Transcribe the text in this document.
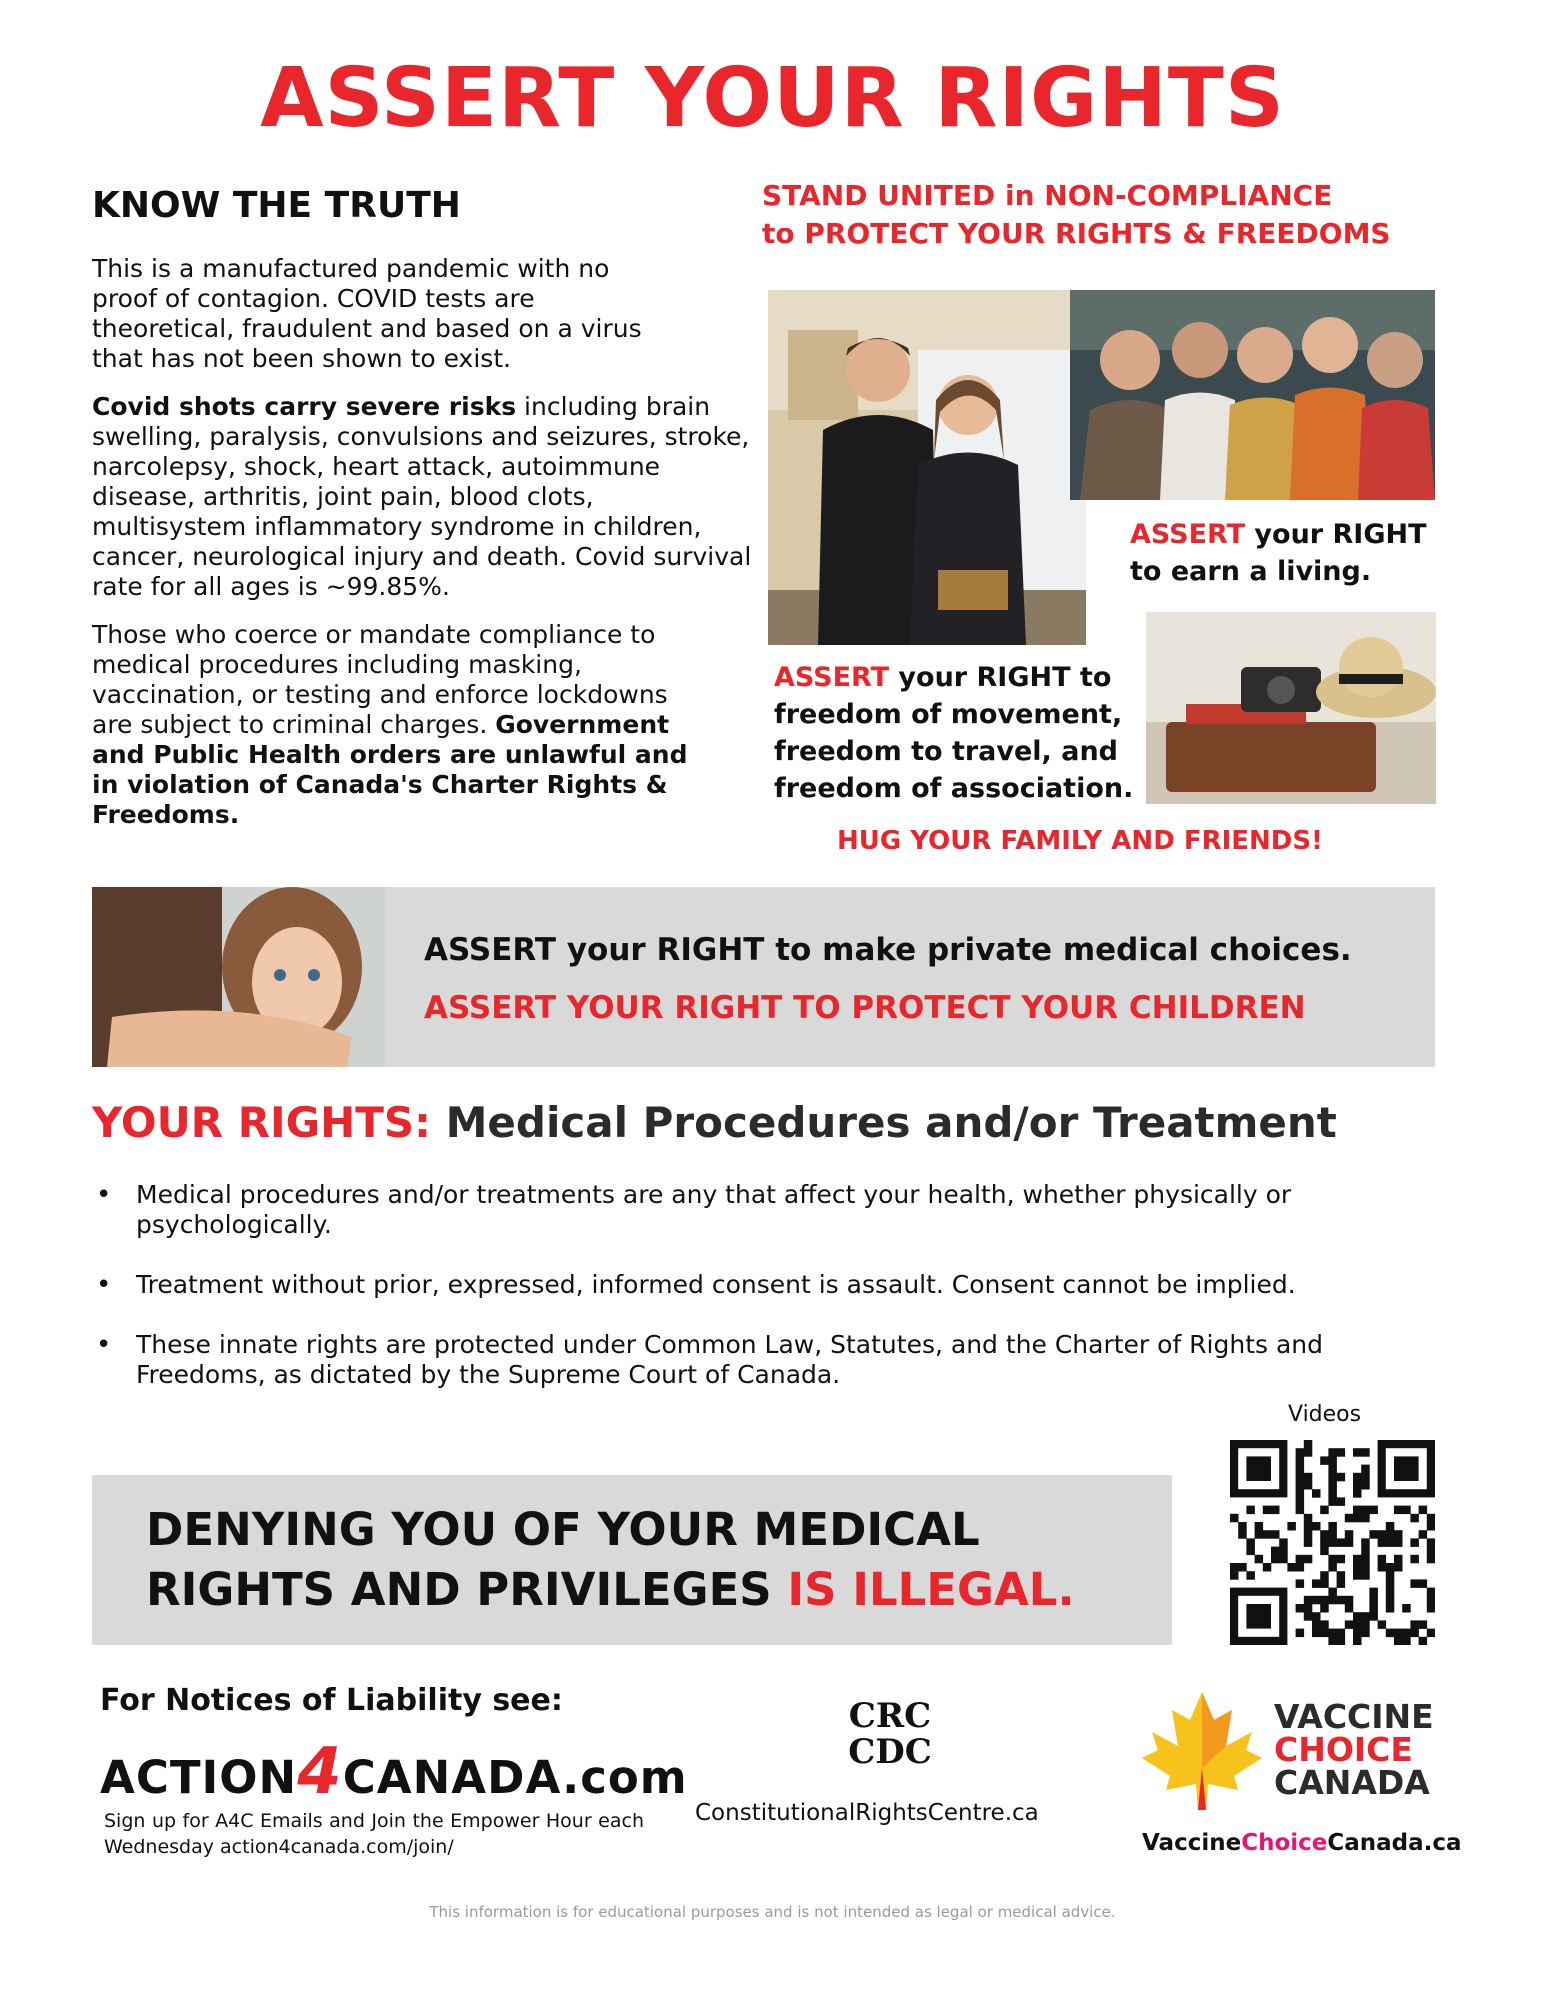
ASSERT YOUR RIGHTS
KNOW THE TRUTH

This is a manufactured pandemic with no proof of contagion. COVID tests are theoretical, fraudulent and based on a virus that has not been shown to exist.

Covid shots carry severe risks including brain swelling, paralysis, convulsions and seizures, stroke, narcolepsy, shock, heart attack, autoimmune disease, arthritis, joint pain, blood clots, multisystem inflammatory syndrome in children, cancer, neurological injury and death. Covid survival rate for all ages is ~99.85%.

Those who coerce or mandate compliance to medical procedures including masking, vaccination, or testing and enforce lockdowns are subject to criminal charges. Government and Public Health orders are unlawful and in violation of Canada's Charter Rights & Freedoms.

STAND UNITED in NON-COMPLIANCE
to PROTECT YOUR RIGHTS & FREEDOMS
ASSERT your RIGHT
to earn a living.
ASSERT your RIGHT to
freedom of movement,
freedom to travel, and
freedom of association.
HUG YOUR FAMILY AND FRIENDS!
ASSERT your RIGHT to make private medical choices.
ASSERT YOUR RIGHT TO PROTECT YOUR CHILDREN
YOUR RIGHTS: Medical Procedures and/or Treatment
• Medical procedures and/or treatments are any that affect your health, whether physically or psychologically.
• Treatment without prior, expressed, informed consent is assault. Consent cannot be implied.
• These innate rights are protected under Common Law, Statutes, and the Charter of Rights and Freedoms, as dictated by the Supreme Court of Canada.
Videos
DENYING YOU OF YOUR MEDICAL
RIGHTS AND PRIVILEGES IS ILLEGAL.
For Notices of Liability see:
ACTION4CANADA.com
Sign up for A4C Emails and Join the Empower Hour each Wednesday action4canada.com/join/
CRC
CDC
ConstitutionalRightsCentre.ca
VACCINE
CHOICE
CANADA
VaccineChoiceCanada.ca
This information is for educational purposes and is not intended as legal or medical advice.
